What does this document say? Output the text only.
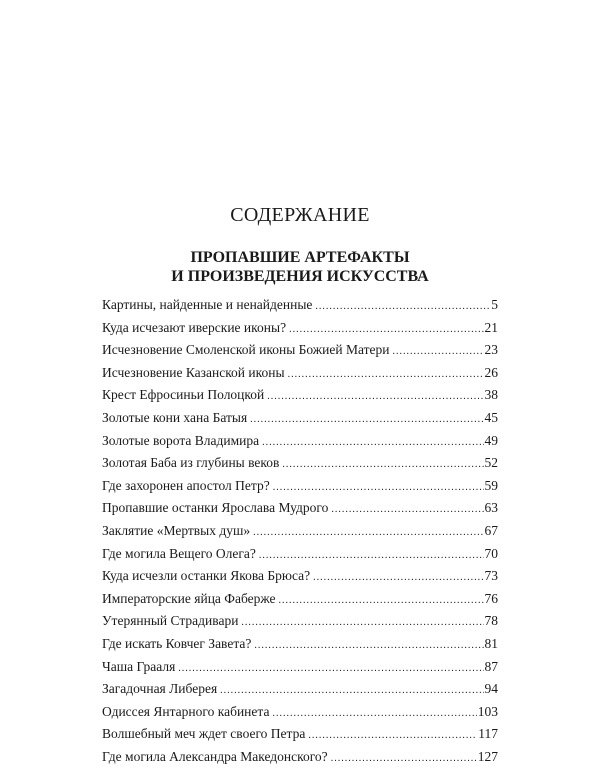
СОДЕРЖАНИЕ
ПРОПАВШИЕ АРТЕФАКТЫ
И ПРОИЗВЕДЕНИЯ ИСКУССТВА
Картины, найденные и ненайденные .....	5
Куда исчезают иверские иконы? .....	21
Исчезновение Смоленской иконы Божией Матери .....	23
Исчезновение Казанской иконы .....	26
Крест Ефросиньи Полоцкой .....	38
Золотые кони хана Батыя .....	45
Золотые ворота Владимира .....	49
Золотая Баба из глубины веков .....	52
Где захоронен апостол Петр? .....	59
Пропавшие останки Ярослава Мудрого .....	63
Заклятие «Мертвых душ» .....	67
Где могила Вещего Олега? .....	70
Куда исчезли останки Якова Брюса? .....	73
Императорские яйца Фаберже .....	76
Утерянный Страдивари .....	78
Где искать Ковчег Завета? .....	81
Чаша Грааля .....	87
Загадочная Либерея .....	94
Одиссея Янтарного кабинета .....	103
Волшебный меч ждет своего Петра .....	117
Где могила Александра Македонского? .....	127
